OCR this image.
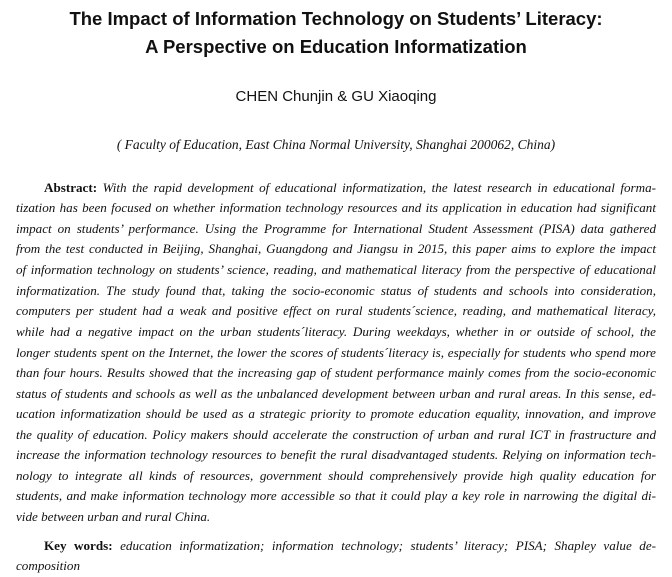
The Impact of Information Technology on Students’ Literacy:
A Perspective on Education Informatization
CHEN Chunjin & GU Xiaoqing
( Faculty of Education, East China Normal University, Shanghai 200062, China)
Abstract: With the rapid development of educational informatization, the latest research in educational forma-
tization has been focused on whether information technology resources and its application in education had significant
impact on students’ performance. Using the Programme for International Student Assessment (PISA) data gathered
from the test conducted in Beijing, Shanghai, Guangdong and Jiangsu in 2015, this paper aims to explore the impact
of information technology on students’ science, reading, and mathematical literacy from the perspective of educational
informatization. The study found that, taking the socio-economic status of students and schools into consideration,
computers per student had a weak and positive effect on rural students´science, reading, and mathematical literacy,
while had a negative impact on the urban students´literacy. During weekdays, whether in or outside of school, the
longer students spent on the Internet, the lower the scores of students´literacy is, especially for students who spend more
than four hours. Results showed that the increasing gap of student performance mainly comes from the socio-economic
status of students and schools as well as the unbalanced development between urban and rural areas. In this sense, ed-
ucation informatization should be used as a strategic priority to promote education equality, innovation, and improve
the quality of education. Policy makers should accelerate the construction of urban and rural ICT in frastructure and
increase the information technology resources to benefit the rural disadvantaged students. Relying on information tech-
nology to integrate all kinds of resources, government should comprehensively provide high quality education for
students, and make information technology more accessible so that it could play a key role in narrowing the digital di-
vide between urban and rural China.
Key words: education informatization; information technology; students’ literacy; PISA; Shapley value de-
composition
